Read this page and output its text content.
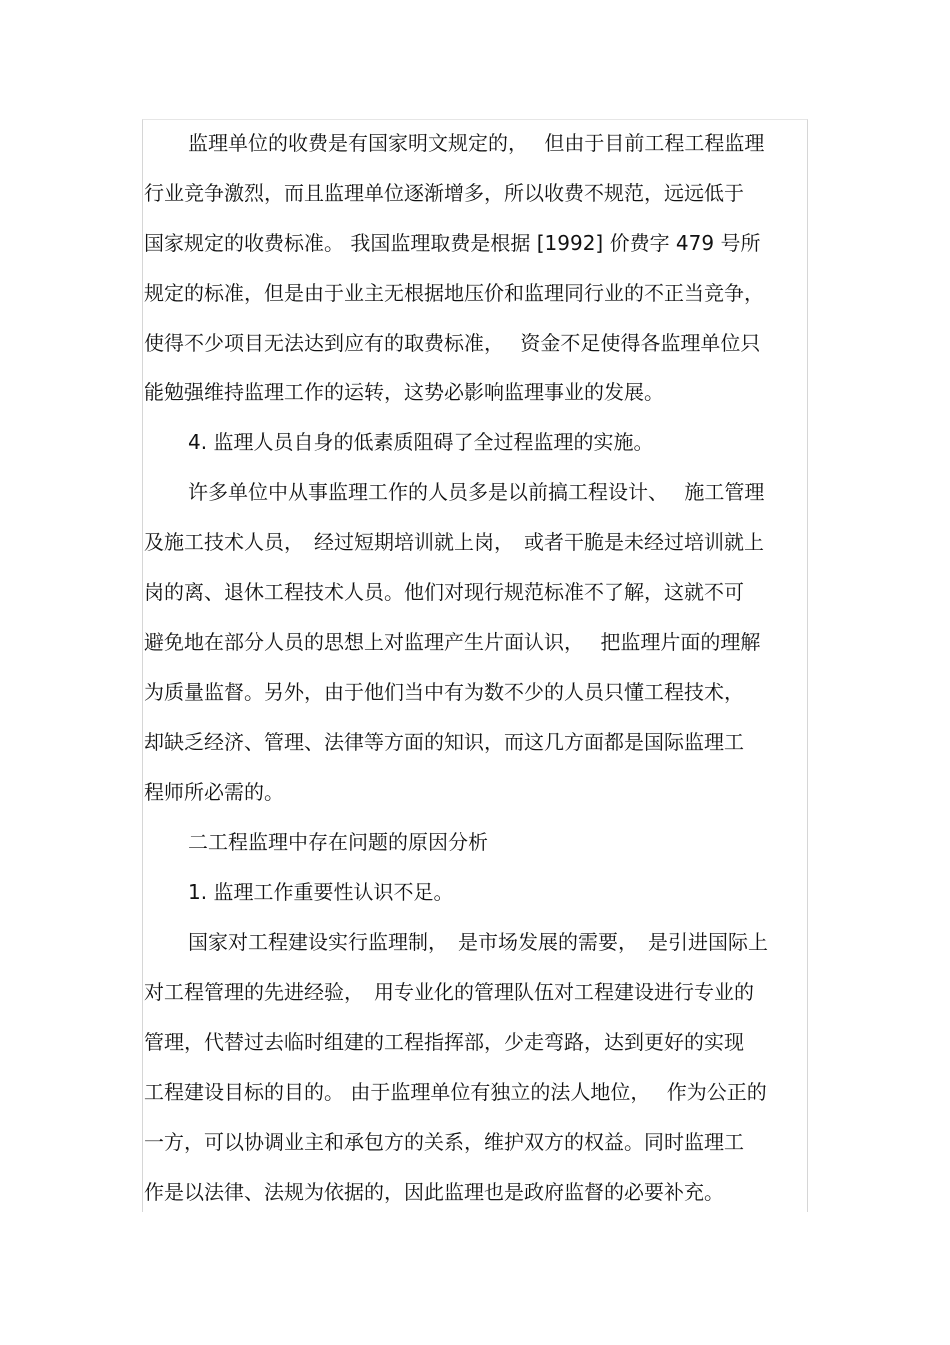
监理单位的收费是有国家明文规定的，　 但由于目前工程工程监理
行业竞争激烈，而且监理单位逐渐增多，所以收费不规范，远远低于
国家规定的收费标准。 我国监理取费是根据 [1992] 价费字 479 号所
规定的标准，但是由于业主无根据地压价和监理同行业的不正当竞争，
使得不少项目无法达到应有的取费标准，　 资金不足使得各监理单位只
能勉强维持监理工作的运转，这势必影响监理事业的发展。
4. 监理人员自身的低素质阻碍了全过程监理的实施。
许多单位中从事监理工作的人员多是以前搞工程设计、　 施工管理
及施工技术人员，　经过短期培训就上岗，　或者干脆是未经过培训就上
岗的离、退休工程技术人员。他们对现行规范标准不了解，这就不可
避免地在部分人员的思想上对监理产生片面认识，　 把监理片面的理解
为质量监督。另外，由于他们当中有为数不少的人员只懂工程技术，
却缺乏经济、管理、法律等方面的知识，而这几方面都是国际监理工
程师所必需的。
二工程监理中存在问题的原因分析
1. 监理工作重要性认识不足。
国家对工程建设实行监理制，　是市场发展的需要，　是引进国际上
对工程管理的先进经验，　用专业化的管理队伍对工程建设进行专业的
管理，代替过去临时组建的工程指挥部，少走弯路，达到更好的实现
工程建设目标的目的。 由于监理单位有独立的法人地位，　 作为公正的
一方，可以协调业主和承包方的关系，维护双方的权益。同时监理工
作是以法律、法规为依据的，因此监理也是政府监督的必要补充。
